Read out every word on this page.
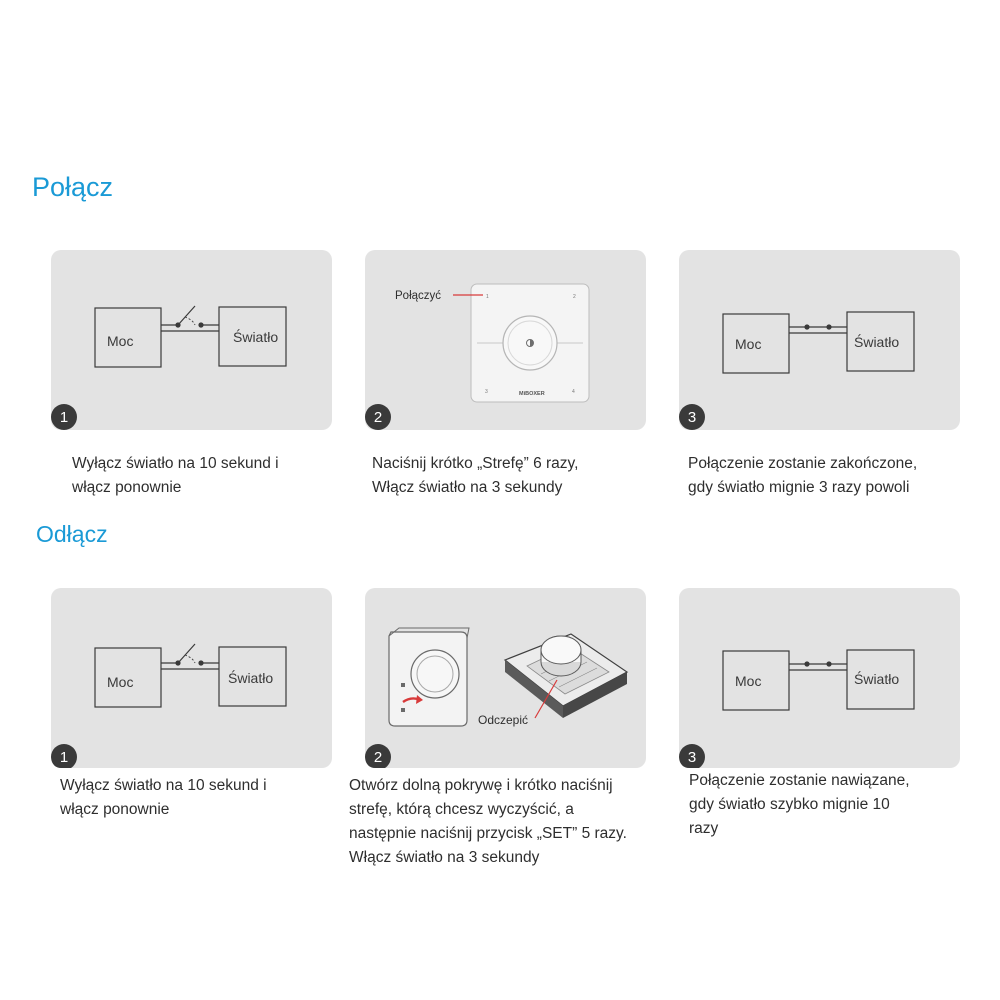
Połącz
Moc	Światło
1

Wyłącz światło na 10 sekund i
włącz ponownie

1	2
3	4
MiBOXER
Połączyć
2

Naciśnij krótko „Strefę” 6 razy,
Włącz światło na 3 sekundy

Moc	Światło
3

Połączenie zostanie zakończone,
gdy światło mignie 3 razy powoli

Odłącz
Moc	Światło
1

Wyłącz światło na 10 sekund i
włącz ponownie

Odczepić
2

Otwórz dolną pokrywę i krótko naciśnij
strefę, którą chcesz wyczyścić, a
następnie naciśnij przycisk „SET” 5 razy.
Włącz światło na 3 sekundy

Moc	Światło
3

Połączenie zostanie nawiązane,
gdy światło szybko mignie 10
razy
